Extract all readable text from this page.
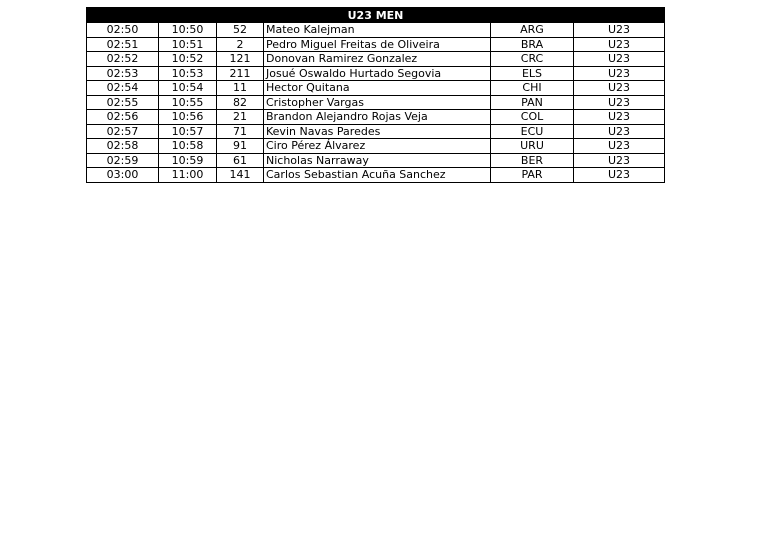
U23 MEN					
02:50	10:50	52	Mateo Kalejman	ARG	U23
02:51	10:51	2	Pedro Miguel Freitas de Oliveira	BRA	U23
02:52	10:52	121	Donovan Ramirez Gonzalez	CRC	U23
02:53	10:53	211	Josué Oswaldo Hurtado Segovia	ELS	U23
02:54	10:54	11	Hector Quitana	CHI	U23
02:55	10:55	82	Cristopher Vargas	PAN	U23
02:56	10:56	21	Brandon Alejandro Rojas Veja	COL	U23
02:57	10:57	71	Kevin Navas Paredes	ECU	U23
02:58	10:58	91	Ciro Pérez Álvarez	URU	U23
02:59	10:59	61	Nicholas Narraway	BER	U23
03:00	11:00	141	Carlos Sebastian Acuña Sanchez	PAR	U23
